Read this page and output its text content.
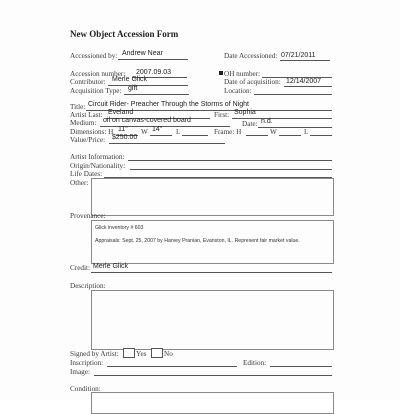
New Object Accession Form
Accessioned by: Andrew Near	Date Accessioned: 07/21/2011
Accession number: 2007.09.03	OH number:
Contributor: Merle Glick	Date of acquisition: 12/14/2007
Acquisition Type: gift	Location:
Title: Circuit Rider- Preacher Through the Storms of Night
Artist Last: Eveland	First: Sophia
Medium: oil on canvas-covered board	Date: n.d.
Dimensions: H 11" W 14" L	Frame: H	W	L
Value/Price: $250.00
Artist Information:
Origin/Nationality:
Life Dates:
Other:
Provenance:
Glick inventory # 603
Appraisals: Sept. 25, 2007 by Harvey Pranian, Evanston, IL. Represent fair market value.
Credit: Merle Glick
Description:
Signed by Artist: Yes No
Inscription:	Edition:
Image:
Condition:
